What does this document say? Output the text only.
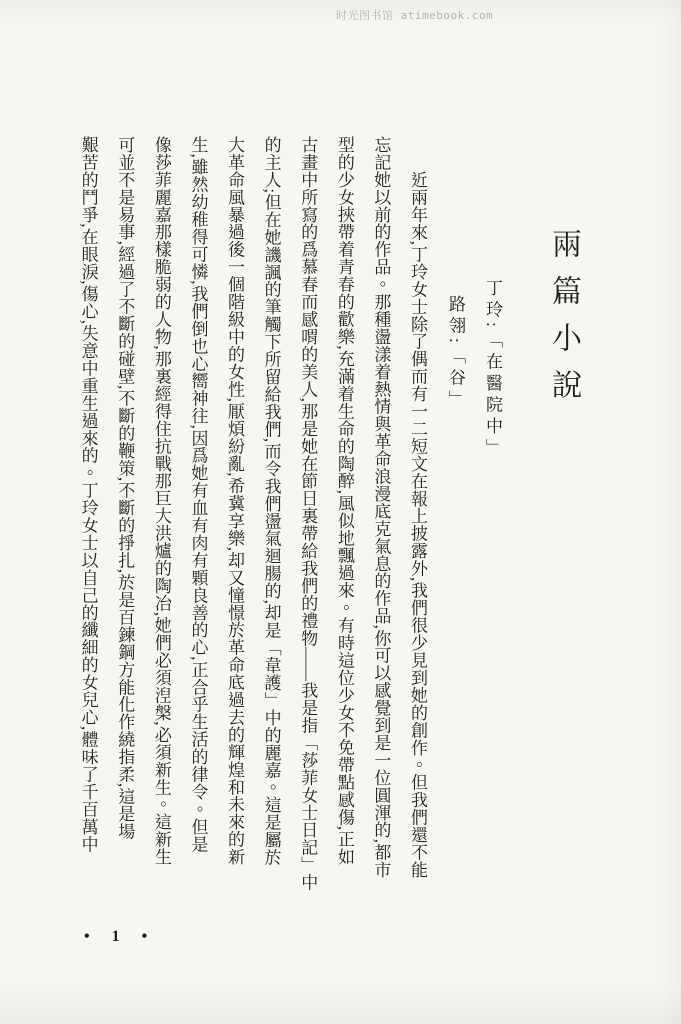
时光图书馆 atimebook.com
兩篇小說
丁玲:「在醫院中」
路翎:「谷」
近兩年來,丁玲女士除了偶而有一二短文在報上披露外,我們很少見到她的創作。但我們還不能
忘記她以前的作品。那種盪漾着熱情與革命浪漫底克氣息的作品,你可以感覺到是一位圓渾的,都市
型的少女挾帶着青春的歡樂,充滿着生命的陶醉,風似地飄過來。有時這位少女不免帶點感傷,正如
古畫中所寫的爲慕春而感喟的美人,那是她在節日裏帶給我們的禮物——我是指「莎菲女士日記」中
的主人;但在她譏諷的筆觸下所留給我們,而令我們盪氣迴腸的,却是「韋護」中的麗嘉。這是屬於
大革命風暴過後一個階級中的女性,厭煩紛亂,希冀享樂,却又憧憬於革命底過去的輝煌和未來的新
生,雖然幼稚得可憐,我們倒也心嚮神往,因爲她有血有肉有顆良善的心,正合乎生活的律令。但是
像莎菲麗嘉那樣脆弱的人物,那裏經得住抗戰那巨大洪爐的陶冶,她們必須湼槃,必須新生。這新生
可並不是易事,經過了不斷的碰壁,不斷的鞭策,不斷的掙扎,於是百鍊鋼方能化作繞指柔,這是場
艱苦的鬥爭,在眼淚,傷心,失意中重生過來的。丁玲女士以自己的纖細的女兒心,體味了千百萬中
• 1 •
